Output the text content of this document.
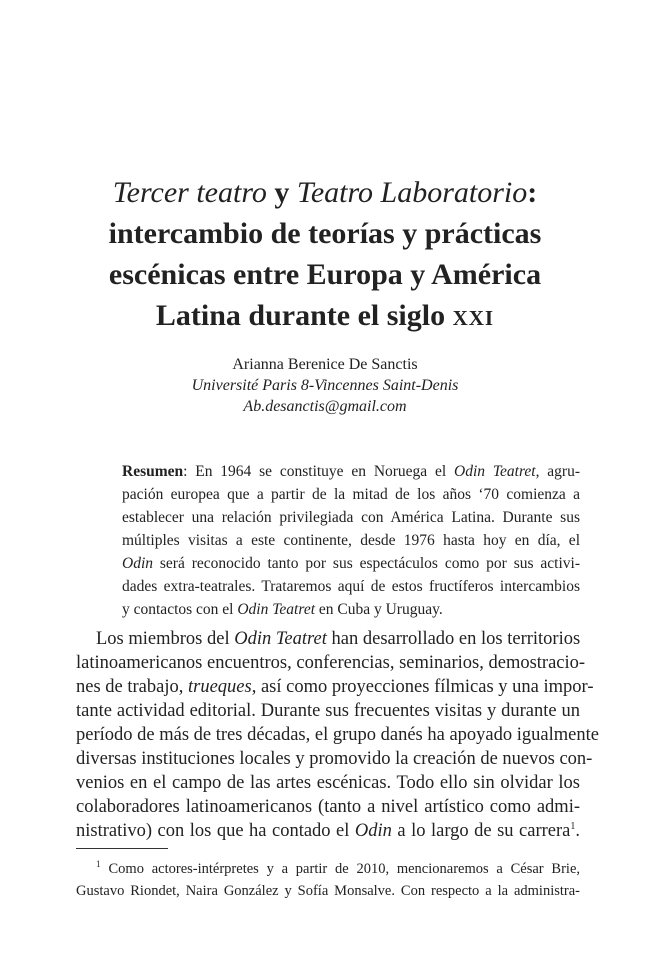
Tercer teatro y Teatro Laboratorio:
intercambio de teorías y prácticas
escénicas entre Europa y América
Latina durante el siglo XXI
Arianna Berenice De Sanctis
Université Paris 8-Vincennes Saint-Denis
Ab.desanctis@gmail.com
Resumen: En 1964 se constituye en Noruega el Odin Teatret, agru-
pación europea que a partir de la mitad de los años ‘70 comienza a
establecer una relación privilegiada con América Latina. Durante sus
múltiples visitas a este continente, desde 1976 hasta hoy en día, el
Odin será reconocido tanto por sus espectáculos como por sus activi-
dades extra-teatrales. Trataremos aquí de estos fructíferos intercambios
y contactos con el Odin Teatret en Cuba y Uruguay.
Los miembros del Odin Teatret han desarrollado en los territorios
latinoamericanos encuentros, conferencias, seminarios, demostracio-
nes de trabajo, trueques, así como proyecciones fílmicas y una impor-
tante actividad editorial. Durante sus frecuentes visitas y durante un
período de más de tres décadas, el grupo danés ha apoyado igualmente
diversas instituciones locales y promovido la creación de nuevos con-
venios en el campo de las artes escénicas. Todo ello sin olvidar los
colaboradores latinoamericanos (tanto a nivel artístico como admi-
nistrativo) con los que ha contado el Odin a lo largo de su carrera$^1$.
$^1$ Como actores-intérpretes y a partir de 2010, mencionaremos a César Brie,
Gustavo Riondet, Naira González y Sofía Monsalve. Con respecto a la administra-
